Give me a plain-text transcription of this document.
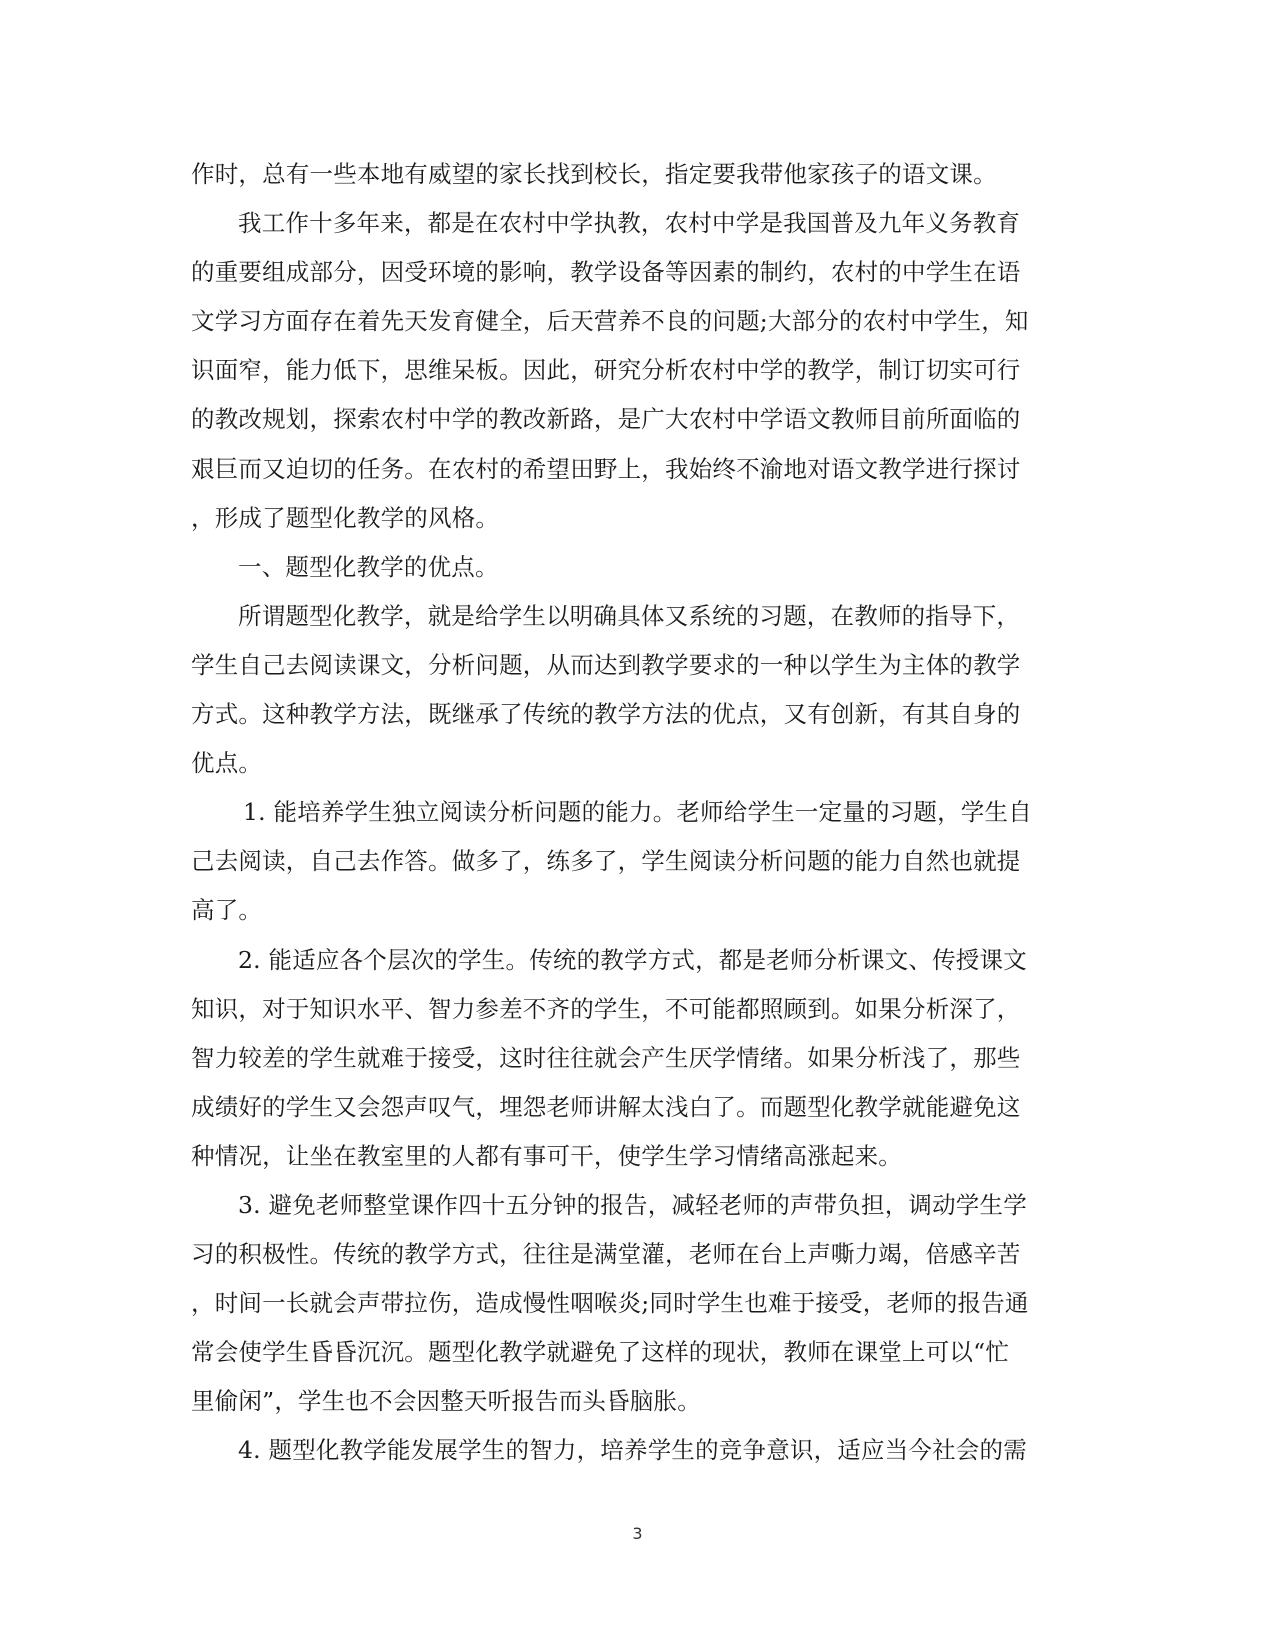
作时，总有一些本地有威望的家长找到校长，指定要我带他家孩子的语文课。
我工作十多年来，都是在农村中学执教，农村中学是我国普及九年义务教育
的重要组成部分，因受环境的影响，教学设备等因素的制约，农村的中学生在语
文学习方面存在着先天发育健全，后天营养不良的问题;大部分的农村中学生，知
识面窄，能力低下，思维呆板。因此，研究分析农村中学的教学，制订切实可行
的教改规划，探索农村中学的教改新路，是广大农村中学语文教师目前所面临的
艰巨而又迫切的任务。在农村的希望田野上，我始终不渝地对语文教学进行探讨
，形成了题型化教学的风格。
一、题型化教学的优点。
所谓题型化教学，就是给学生以明确具体又系统的习题，在教师的指导下，
学生自己去阅读课文，分析问题，从而达到教学要求的一种以学生为主体的教学
方式。这种教学方法，既继承了传统的教学方法的优点，又有创新，有其自身的
优点。
1. 能培养学生独立阅读分析问题的能力。老师给学生一定量的习题，学生自
己去阅读，自己去作答。做多了，练多了，学生阅读分析问题的能力自然也就提
高了。
2. 能适应各个层次的学生。传统的教学方式，都是老师分析课文、传授课文
知识，对于知识水平、智力参差不齐的学生，不可能都照顾到。如果分析深了，
智力较差的学生就难于接受，这时往往就会产生厌学情绪。如果分析浅了，那些
成绩好的学生又会怨声叹气，埋怨老师讲解太浅白了。而题型化教学就能避免这
种情况，让坐在教室里的人都有事可干，使学生学习情绪高涨起来。
3. 避免老师整堂课作四十五分钟的报告，减轻老师的声带负担，调动学生学
习的积极性。传统的教学方式，往往是满堂灌，老师在台上声嘶力竭，倍感辛苦
，时间一长就会声带拉伤，造成慢性咽喉炎;同时学生也难于接受，老师的报告通
常会使学生昏昏沉沉。题型化教学就避免了这样的现状，教师在课堂上可以“忙
里偷闲”，学生也不会因整天听报告而头昏脑胀。
4. 题型化教学能发展学生的智力，培养学生的竞争意识，适应当今社会的需
3
